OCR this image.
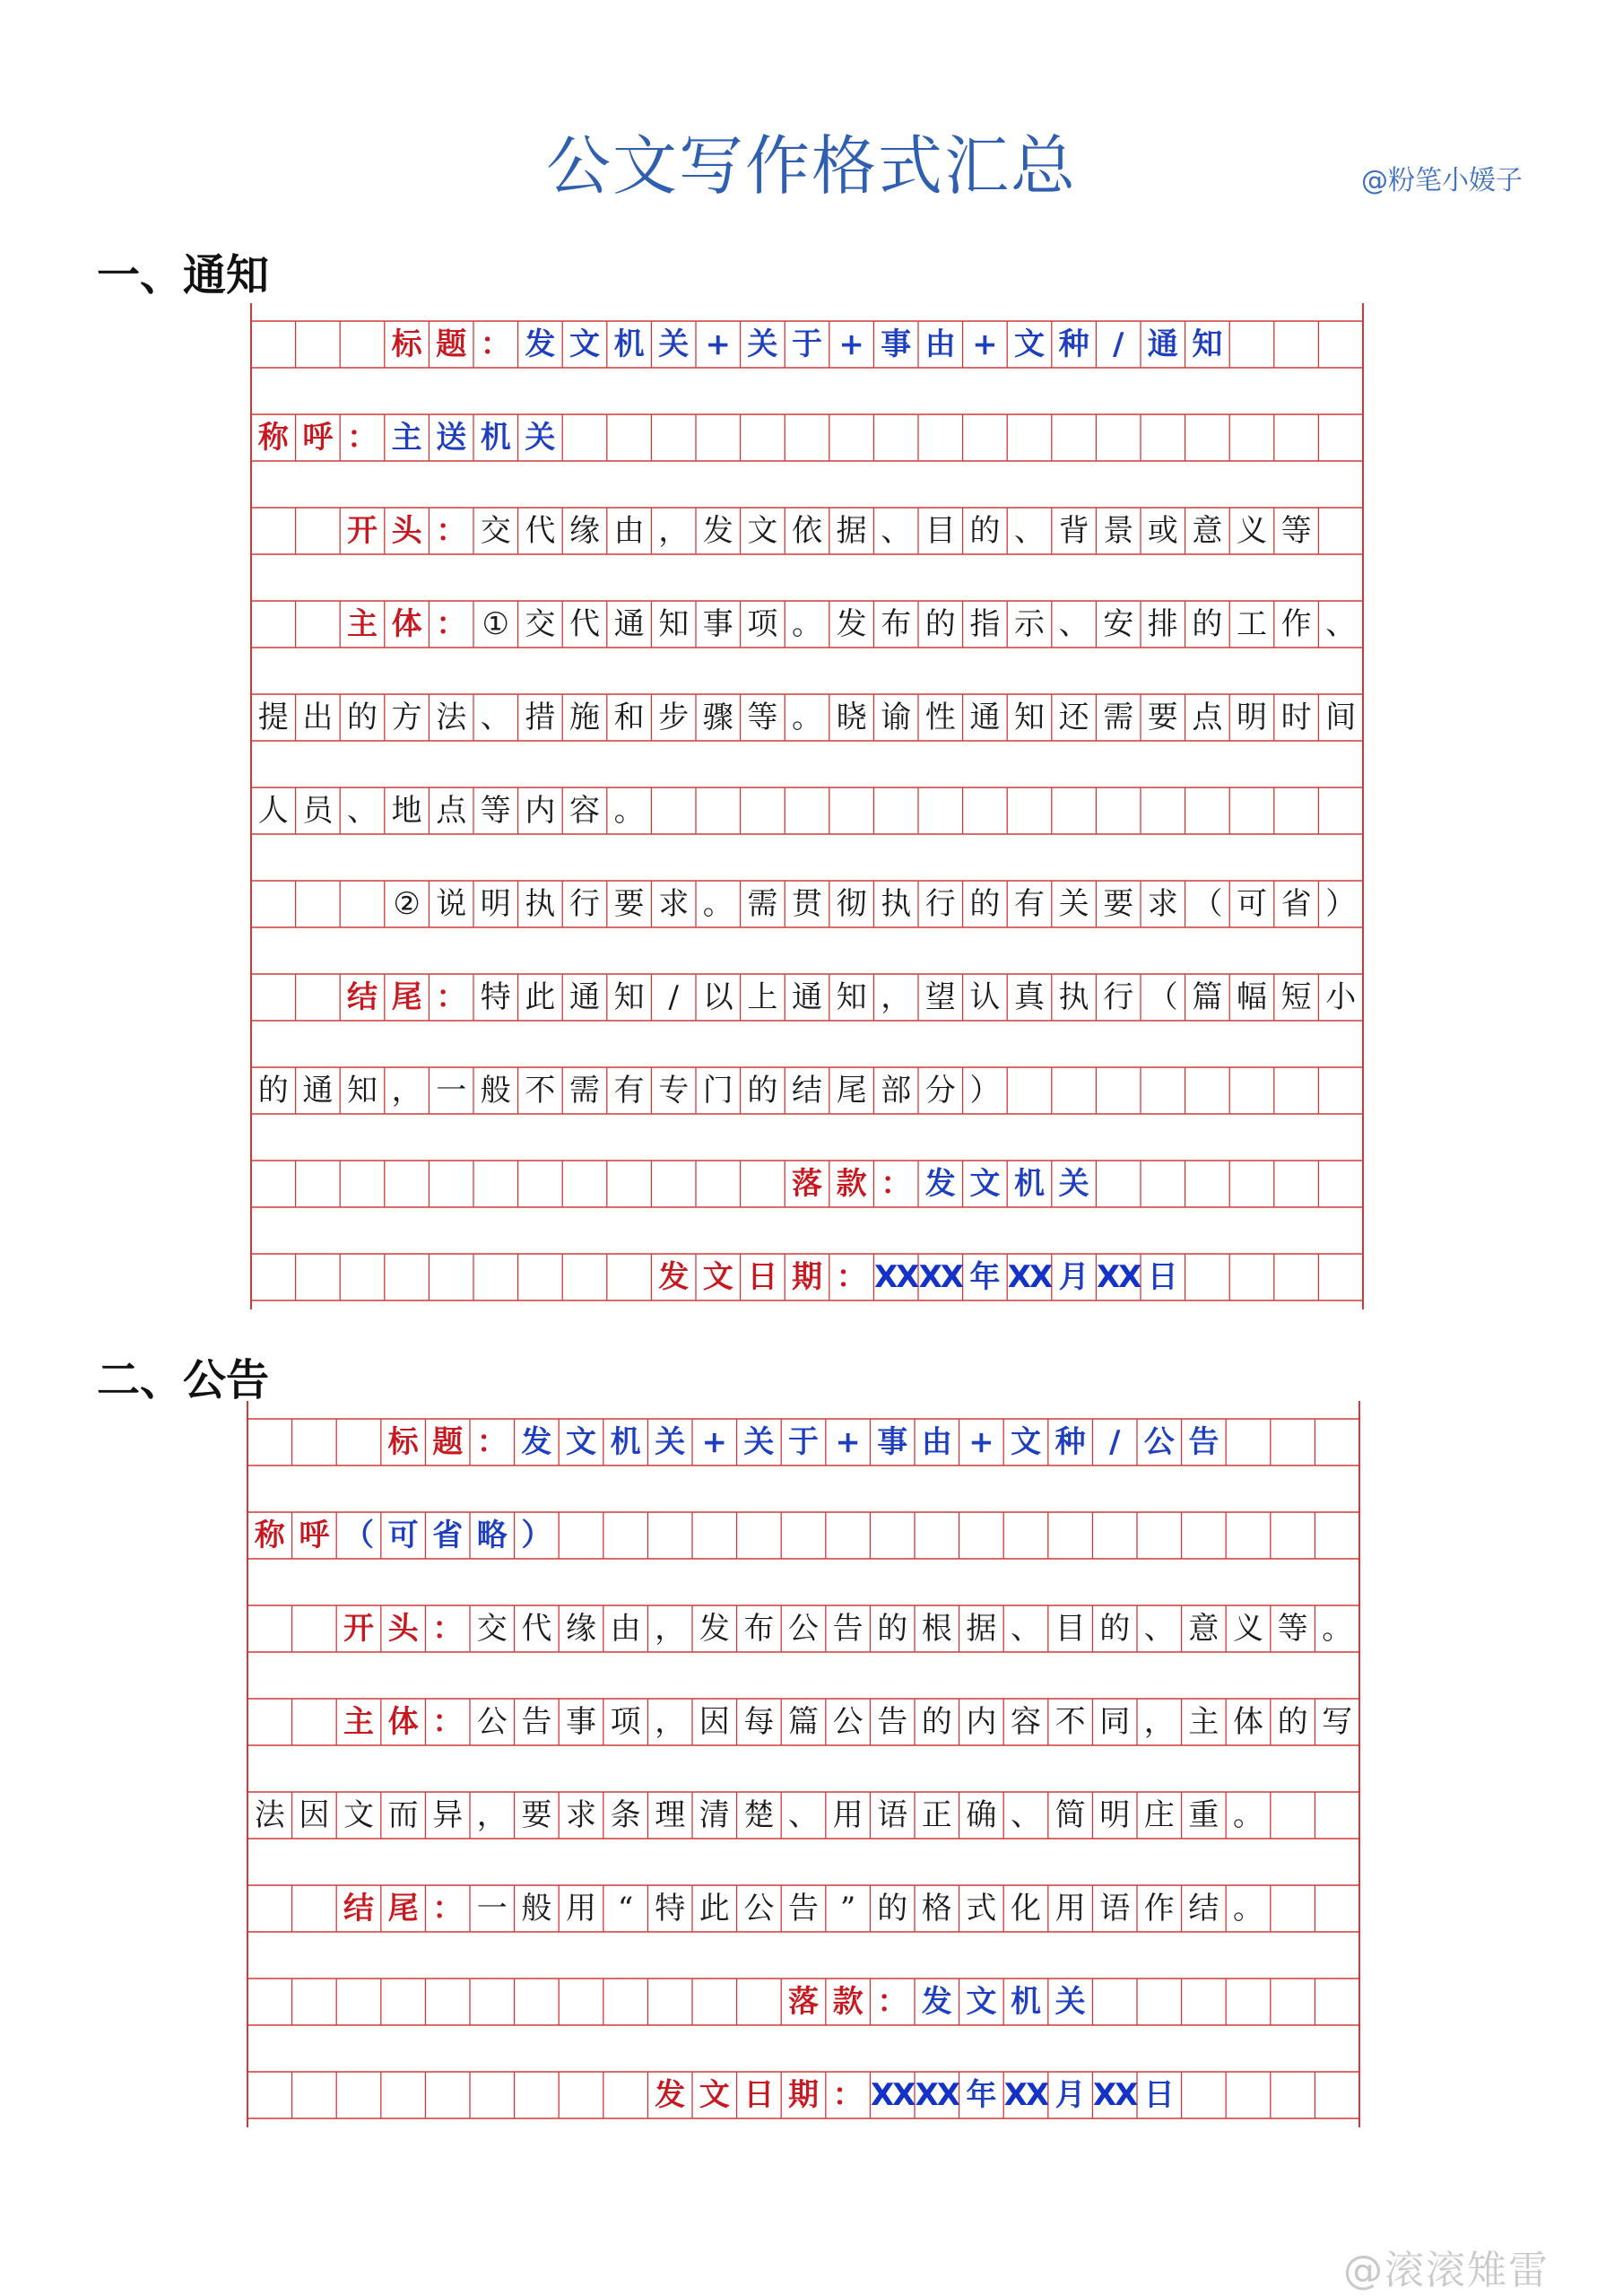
公文写作格式汇总	@粉笔小媛子
一、通知
标 题 ： 发 文 机 关 + 关 于 + 事 由 + 文 种 / 通 知
称 呼 ： 主 送 机 关
开 头 ： 交 代 缘 由 ， 发 文 依 据 、 目 的 、 背 景 或 意 义 等
主 体 ： ① 交 代 通 知 事 项 。 发 布 的 指 示 、 安 排 的 工 作 、
提 出 的 方 法 、 措 施 和 步 骤 等 。 晓 谕 性 通 知 还 需 要 点 明 时 间
人 员 、 地 点 等 内 容 。
② 说 明 执 行 要 求 。 需 贯 彻 执 行 的 有 关 要 求 （ 可 省 ）
结 尾 ： 特 此 通 知 / 以 上 通 知 ， 望 认 真 执 行 （ 篇 幅 短 小
的 通 知 ， 一 般 不 需 有 专 门 的 结 尾 部 分 ）
落 款 ： 发 文 机 关
发 文 日 期 ： XX XX 年 XX 月 XX 日
二、公告
标 题 ： 发 文 机 关 + 关 于 + 事 由 + 文 种 / 公 告
称 呼 （ 可 省 略 ）
开 头 ： 交 代 缘 由 ， 发 布 公 告 的 根 据 、 目 的 、 意 义 等 。
主 体 ： 公 告 事 项 ， 因 每 篇 公 告 的 内 容 不 同 ， 主 体 的 写
法 因 文 而 异 ， 要 求 条 理 清 楚 、 用 语 正 确 、 简 明 庄 重 。
结 尾 ： 一 般 用 “ 特 此 公 告 ” 的 格 式 化 用 语 作 结 。
落 款 ： 发 文 机 关
发 文 日 期 ： XX XX 年 XX 月 XX 日
@滚滚雉雷
